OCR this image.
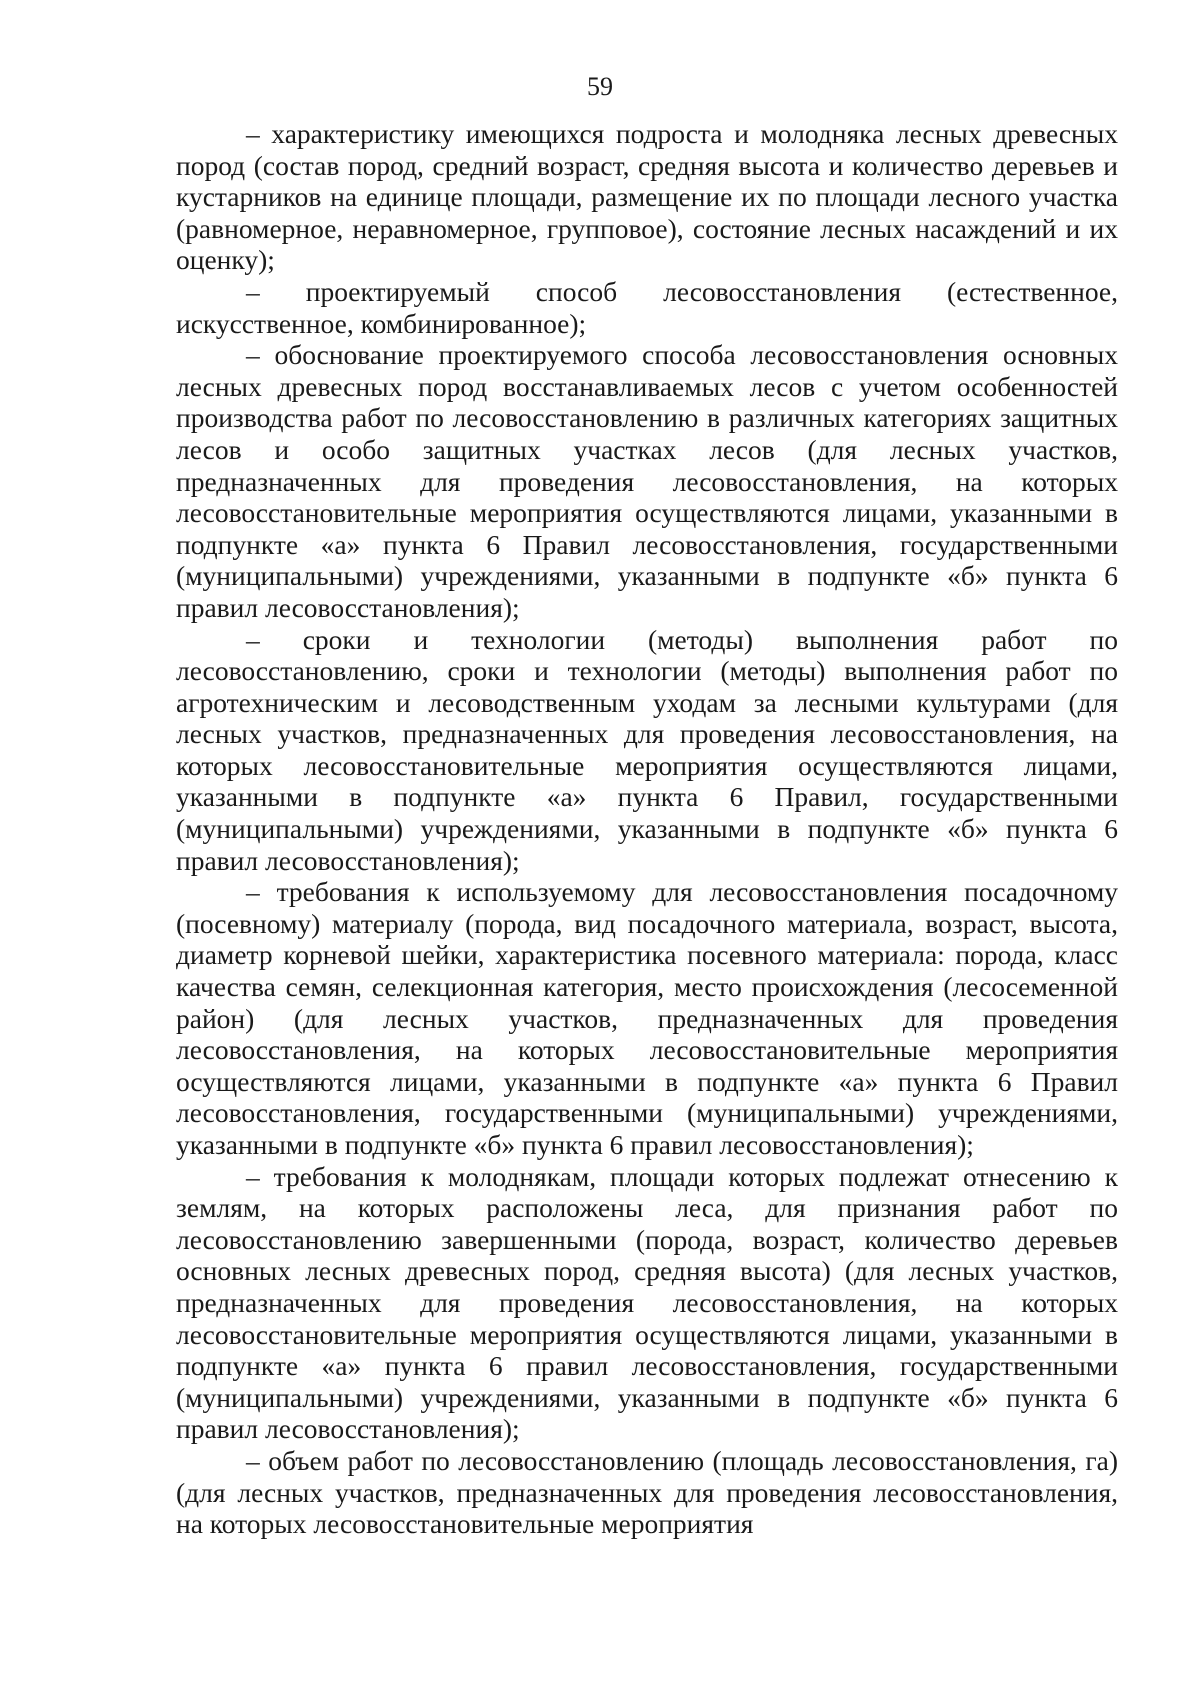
59

– характеристику имеющихся подроста и молодняка лесных древесных пород (состав пород, средний возраст, средняя высота и количество деревьев и кустарников на единице площади, размещение их по площади лесного участка (равномерное, неравномерное, групповое), состояние лесных насаждений и их оценку);

– проектируемый способ лесовосстановления (естественное, искусственное, комбинированное);

– обоснование проектируемого способа лесовосстановления основных лесных древесных пород восстанавливаемых лесов с учетом особенностей производства работ по лесовосстановлению в различных категориях защитных лесов и особо защитных участках лесов (для лесных участков, предназначенных для проведения лесовосстановления, на которых лесовосстановительные мероприятия осуществляются лицами, указанными в подпункте «а» пункта 6 Правил лесовосстановления, государственными (муниципальными) учреждениями, указанными в подпункте «б» пункта 6 правил лесовосстановления);

– сроки и технологии (методы) выполнения работ по лесовосстановлению, сроки и технологии (методы) выполнения работ по агротехническим и лесоводственным уходам за лесными культурами (для лесных участков, предназначенных для проведения лесовосстановления, на которых лесовосстановительные мероприятия осуществляются лицами, указанными в подпункте «а» пункта 6 Правил, государственными (муниципальными) учреждениями, указанными в подпункте «б» пункта 6 правил лесовосстановления);

– требования к используемому для лесовосстановления посадочному (посевному) материалу (порода, вид посадочного материала, возраст, высота, диаметр корневой шейки, характеристика посевного материала: порода, класс качества семян, селекционная категория, место происхождения (лесосеменной район) (для лесных участков, предназначенных для проведения лесовосстановления, на которых лесовосстановительные мероприятия осуществляются лицами, указанными в подпункте «а» пункта 6 Правил лесовосстановления, государственными (муниципальными) учреждениями, указанными в подпункте «б» пункта 6 правил лесовосстановления);

– требования к молоднякам, площади которых подлежат отнесению к землям, на которых расположены леса, для признания работ по лесовосстановлению завершенными (порода, возраст, количество деревьев основных лесных древесных пород, средняя высота) (для лесных участков, предназначенных для проведения лесовосстановления, на которых лесовосстановительные мероприятия осуществляются лицами, указанными в подпункте «а» пункта 6 правил лесовосстановления, государственными (муниципальными) учреждениями, указанными в подпункте «б» пункта 6 правил лесовосстановления);

– объем работ по лесовосстановлению (площадь лесовосстановления, га) (для лесных участков, предназначенных для проведения лесовосстановления, на которых лесовосстановительные мероприятия
